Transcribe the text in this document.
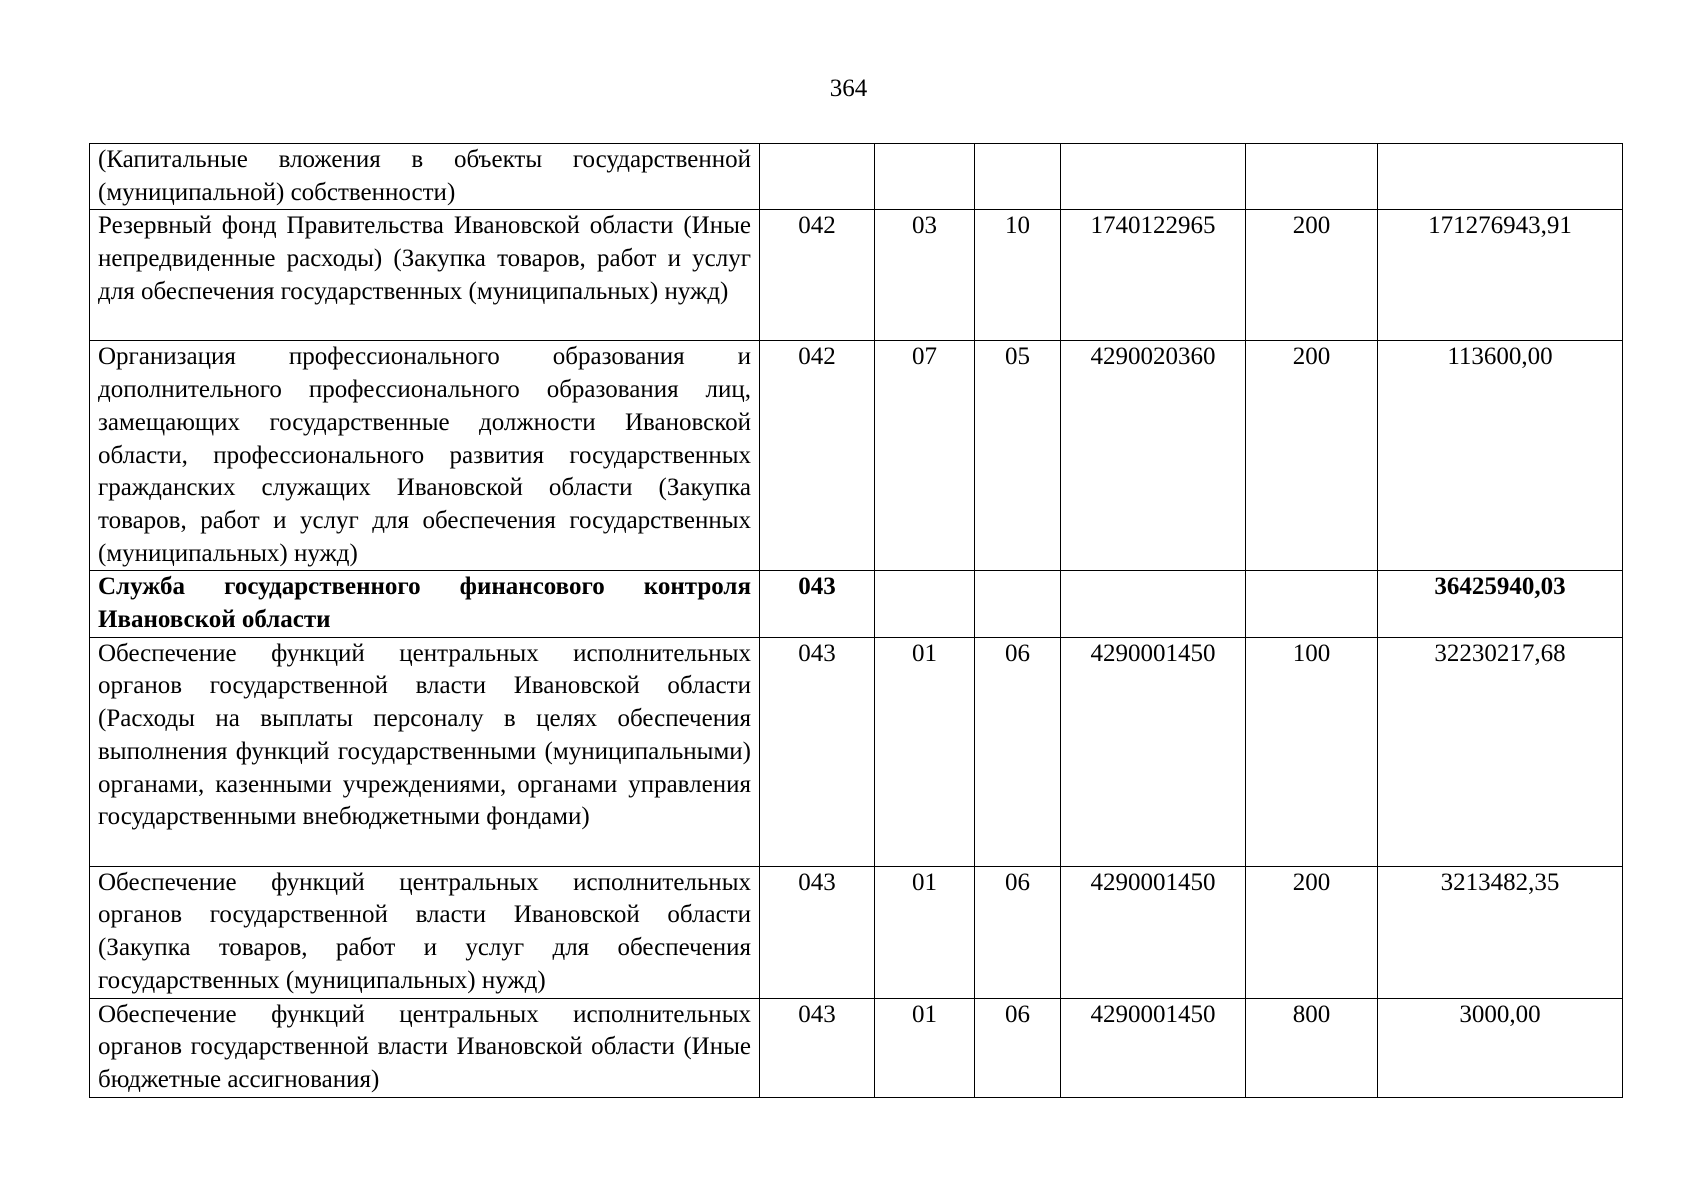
364
(Капитальные вложения в объекты государственной (муниципальной) собственности)						
Резервный фонд Правительства Ивановской области (Иные непредвиденные расходы) (Закупка товаров, работ и услуг для обеспечения государственных (муниципальных) нужд)	042	03	10	1740122965	200	171276943,91
Организация профессионального образования и дополнительного профессионального образования лиц, замещающих государственные должности Ивановской области, профессионального развития государственных гражданских служащих Ивановской области (Закупка товаров, работ и услуг для обеспечения государственных (муниципальных) нужд)	042	07	05	4290020360	200	113600,00
Служба государственного финансового контроля Ивановской области	043					36425940,03
Обеспечение функций центральных исполнительных органов государственной власти Ивановской области (Расходы на выплаты персоналу в целях обеспечения выполнения функций государственными (муниципальными) органами, казенными учреждениями, органами управления государственными внебюджетными фондами)	043	01	06	4290001450	100	32230217,68
Обеспечение функций центральных исполнительных органов государственной власти Ивановской области (Закупка товаров, работ и услуг для обеспечения государственных (муниципальных) нужд)	043	01	06	4290001450	200	3213482,35
Обеспечение функций центральных исполнительных органов государственной власти Ивановской области (Иные бюджетные ассигнования)	043	01	06	4290001450	800	3000,00
